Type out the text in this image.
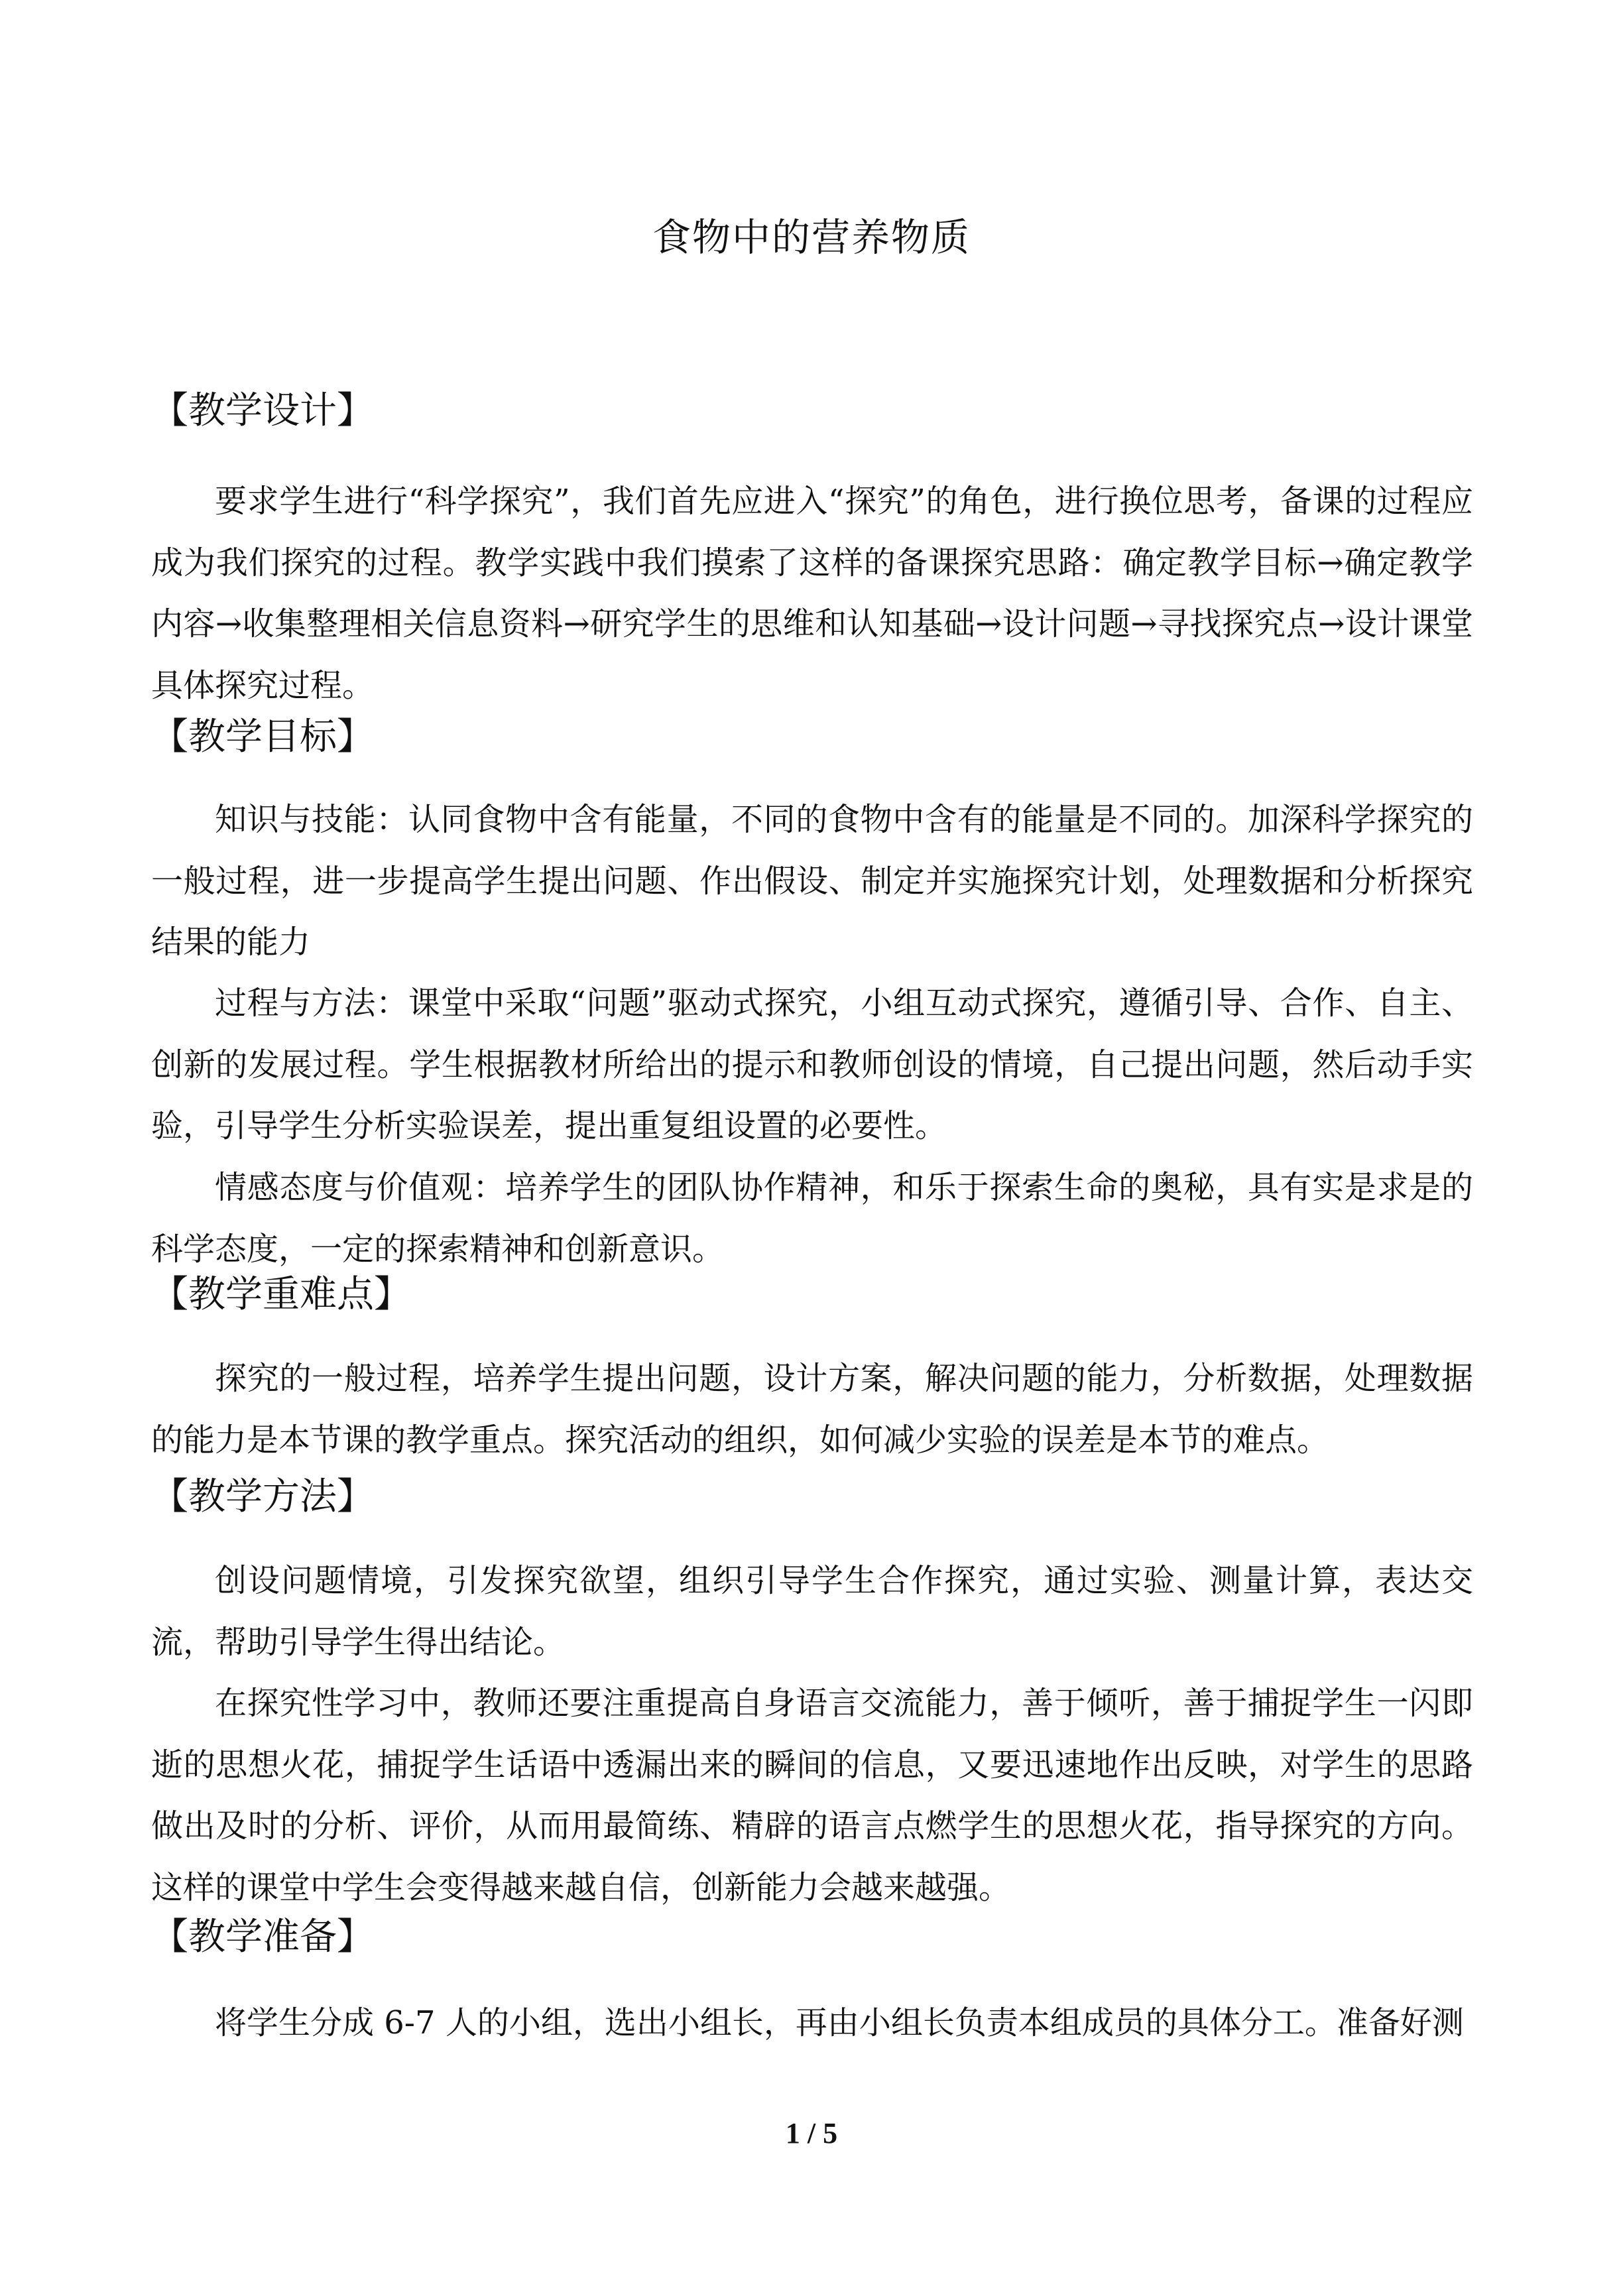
食物中的营养物质
【教学设计】

要求学生进行“科学探究”，我们首先应进入“探究”的角色，进行换位思考，备课的过程应成为我们探究的过程。教学实践中我们摸索了这样的备课探究思路：确定教学目标→确定教学内容→收集整理相关信息资料→研究学生的思维和认知基础→设计问题→寻找探究点→设计课堂具体探究过程。

【教学目标】

知识与技能：认同食物中含有能量，不同的食物中含有的能量是不同的。加深科学探究的一般过程，进一步提高学生提出问题、作出假设、制定并实施探究计划，处理数据和分析探究结果的能力

过程与方法：课堂中采取“问题”驱动式探究，小组互动式探究，遵循引导、合作、自主、创新的发展过程。学生根据教材所给出的提示和教师创设的情境，自己提出问题，然后动手实验，引导学生分析实验误差，提出重复组设置的必要性。

情感态度与价值观：培养学生的团队协作精神，和乐于探索生命的奥秘，具有实是求是的科学态度，一定的探索精神和创新意识。

【教学重难点】

探究的一般过程，培养学生提出问题，设计方案，解决问题的能力，分析数据，处理数据的能力是本节课的教学重点。探究活动的组织，如何减少实验的误差是本节的难点。

【教学方法】

创设问题情境，引发探究欲望，组织引导学生合作探究，通过实验、测量计算，表达交流，帮助引导学生得出结论。

在探究性学习中，教师还要注重提高自身语言交流能力，善于倾听，善于捕捉学生一闪即逝的思想火花，捕捉学生话语中透漏出来的瞬间的信息，又要迅速地作出反映，对学生的思路做出及时的分析、评价，从而用最简练、精辟的语言点燃学生的思想火花，指导探究的方向。这样的课堂中学生会变得越来越自信，创新能力会越来越强。

【教学准备】

将学生分成 6-7 人的小组，选出小组长，再由小组长负责本组成员的具体分工。准备好测

1 / 5
